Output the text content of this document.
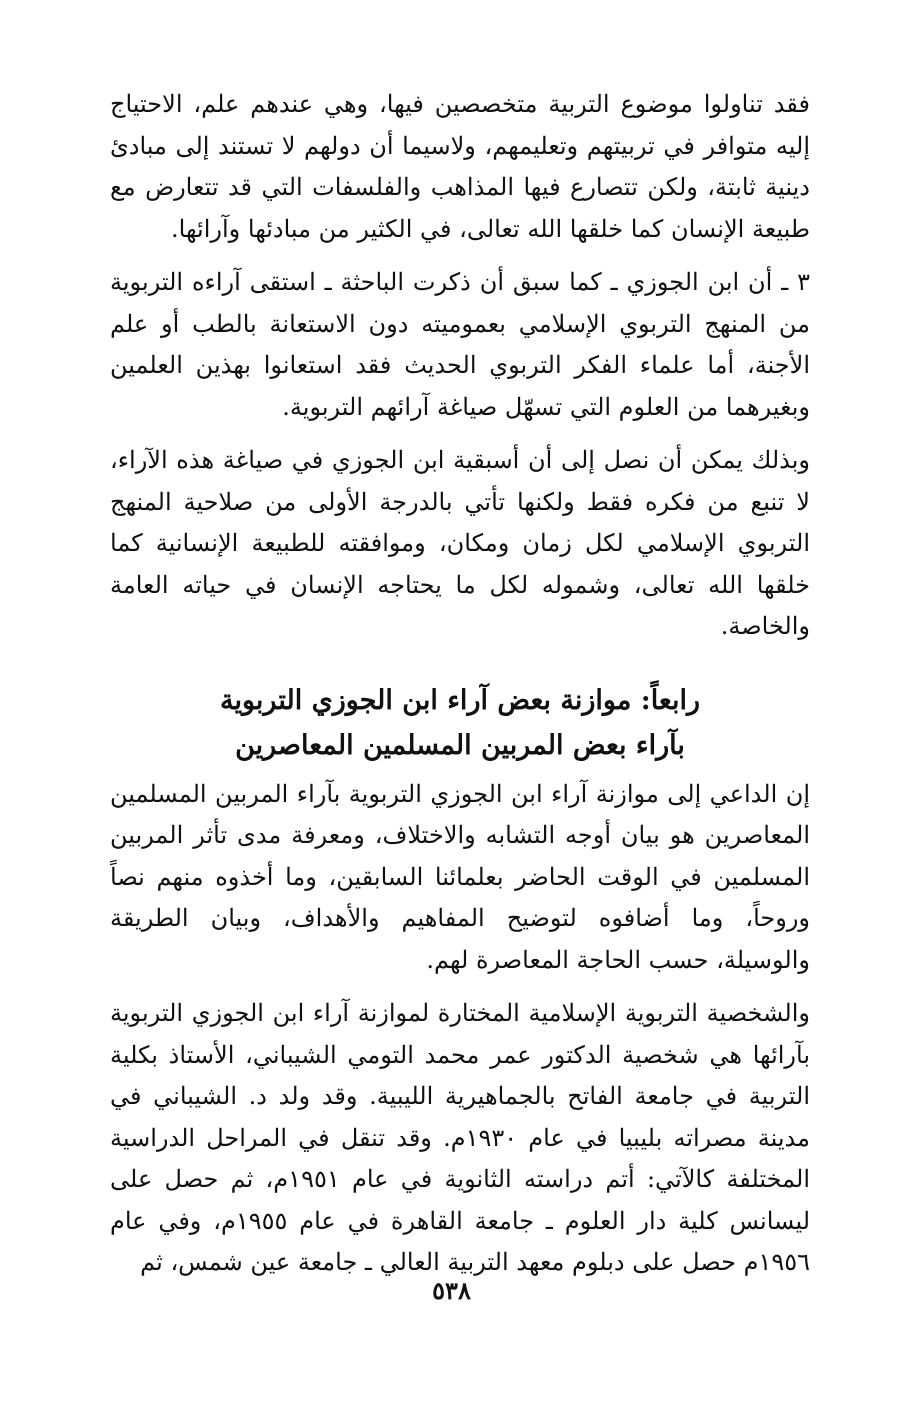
فقد تناولوا موضوع التربية متخصصين فيها، وهي عندهم علم، الاحتياج إليه متوافر في تربيتهم وتعليمهم، ولاسيما أن دولهم لا تستند إلى مبادئ دينية ثابتة، ولكن تتصارع فيها المذاهب والفلسفات التي قد تتعارض مع طبيعة الإنسان كما خلقها الله تعالى، في الكثير من مبادئها وآرائها.

٣ ـ أن ابن الجوزي ـ كما سبق أن ذكرت الباحثة ـ استقى آراءه التربوية من المنهج التربوي الإسلامي بعموميته دون الاستعانة بالطب أو علم الأجنة، أما علماء الفكر التربوي الحديث فقد استعانوا بهذين العلمين وبغيرهما من العلوم التي تسهّل صياغة آرائهم التربوية.

وبذلك يمكن أن نصل إلى أن أسبقية ابن الجوزي في صياغة هذه الآراء، لا تنبع من فكره فقط ولكنها تأتي بالدرجة الأولى من صلاحية المنهج التربوي الإسلامي لكل زمان ومكان، وموافقته للطبيعة الإنسانية كما خلقها الله تعالى، وشموله لكل ما يحتاجه الإنسان في حياته العامة والخاصة.

رابعاً: موازنة بعض آراء ابن الجوزي التربوية
بآراء بعض المربين المسلمين المعاصرين

إن الداعي إلى موازنة آراء ابن الجوزي التربوية بآراء المربين المسلمين المعاصرين هو بيان أوجه التشابه والاختلاف، ومعرفة مدى تأثر المربين المسلمين في الوقت الحاضر بعلمائنا السابقين، وما أخذوه منهم نصاً وروحاً، وما أضافوه لتوضيح المفاهيم والأهداف، وبيان الطريقة والوسيلة، حسب الحاجة المعاصرة لهم.

والشخصية التربوية الإسلامية المختارة لموازنة آراء ابن الجوزي التربوية بآرائها هي شخصية الدكتور عمر محمد التومي الشيباني، الأستاذ بكلية التربية في جامعة الفاتح بالجماهيرية الليبية. وقد ولد د. الشيباني في مدينة مصراته بليبيا في عام ١٩٣٠م. وقد تنقل في المراحل الدراسية المختلفة كالآتي: أتم دراسته الثانوية في عام ١٩٥١م، ثم حصل على ليسانس كلية دار العلوم ـ جامعة القاهرة في عام ١٩٥٥م، وفي عام ١٩٥٦م حصل على دبلوم معهد التربية العالي ـ جامعة عين شمس، ثم

٥٣٨
